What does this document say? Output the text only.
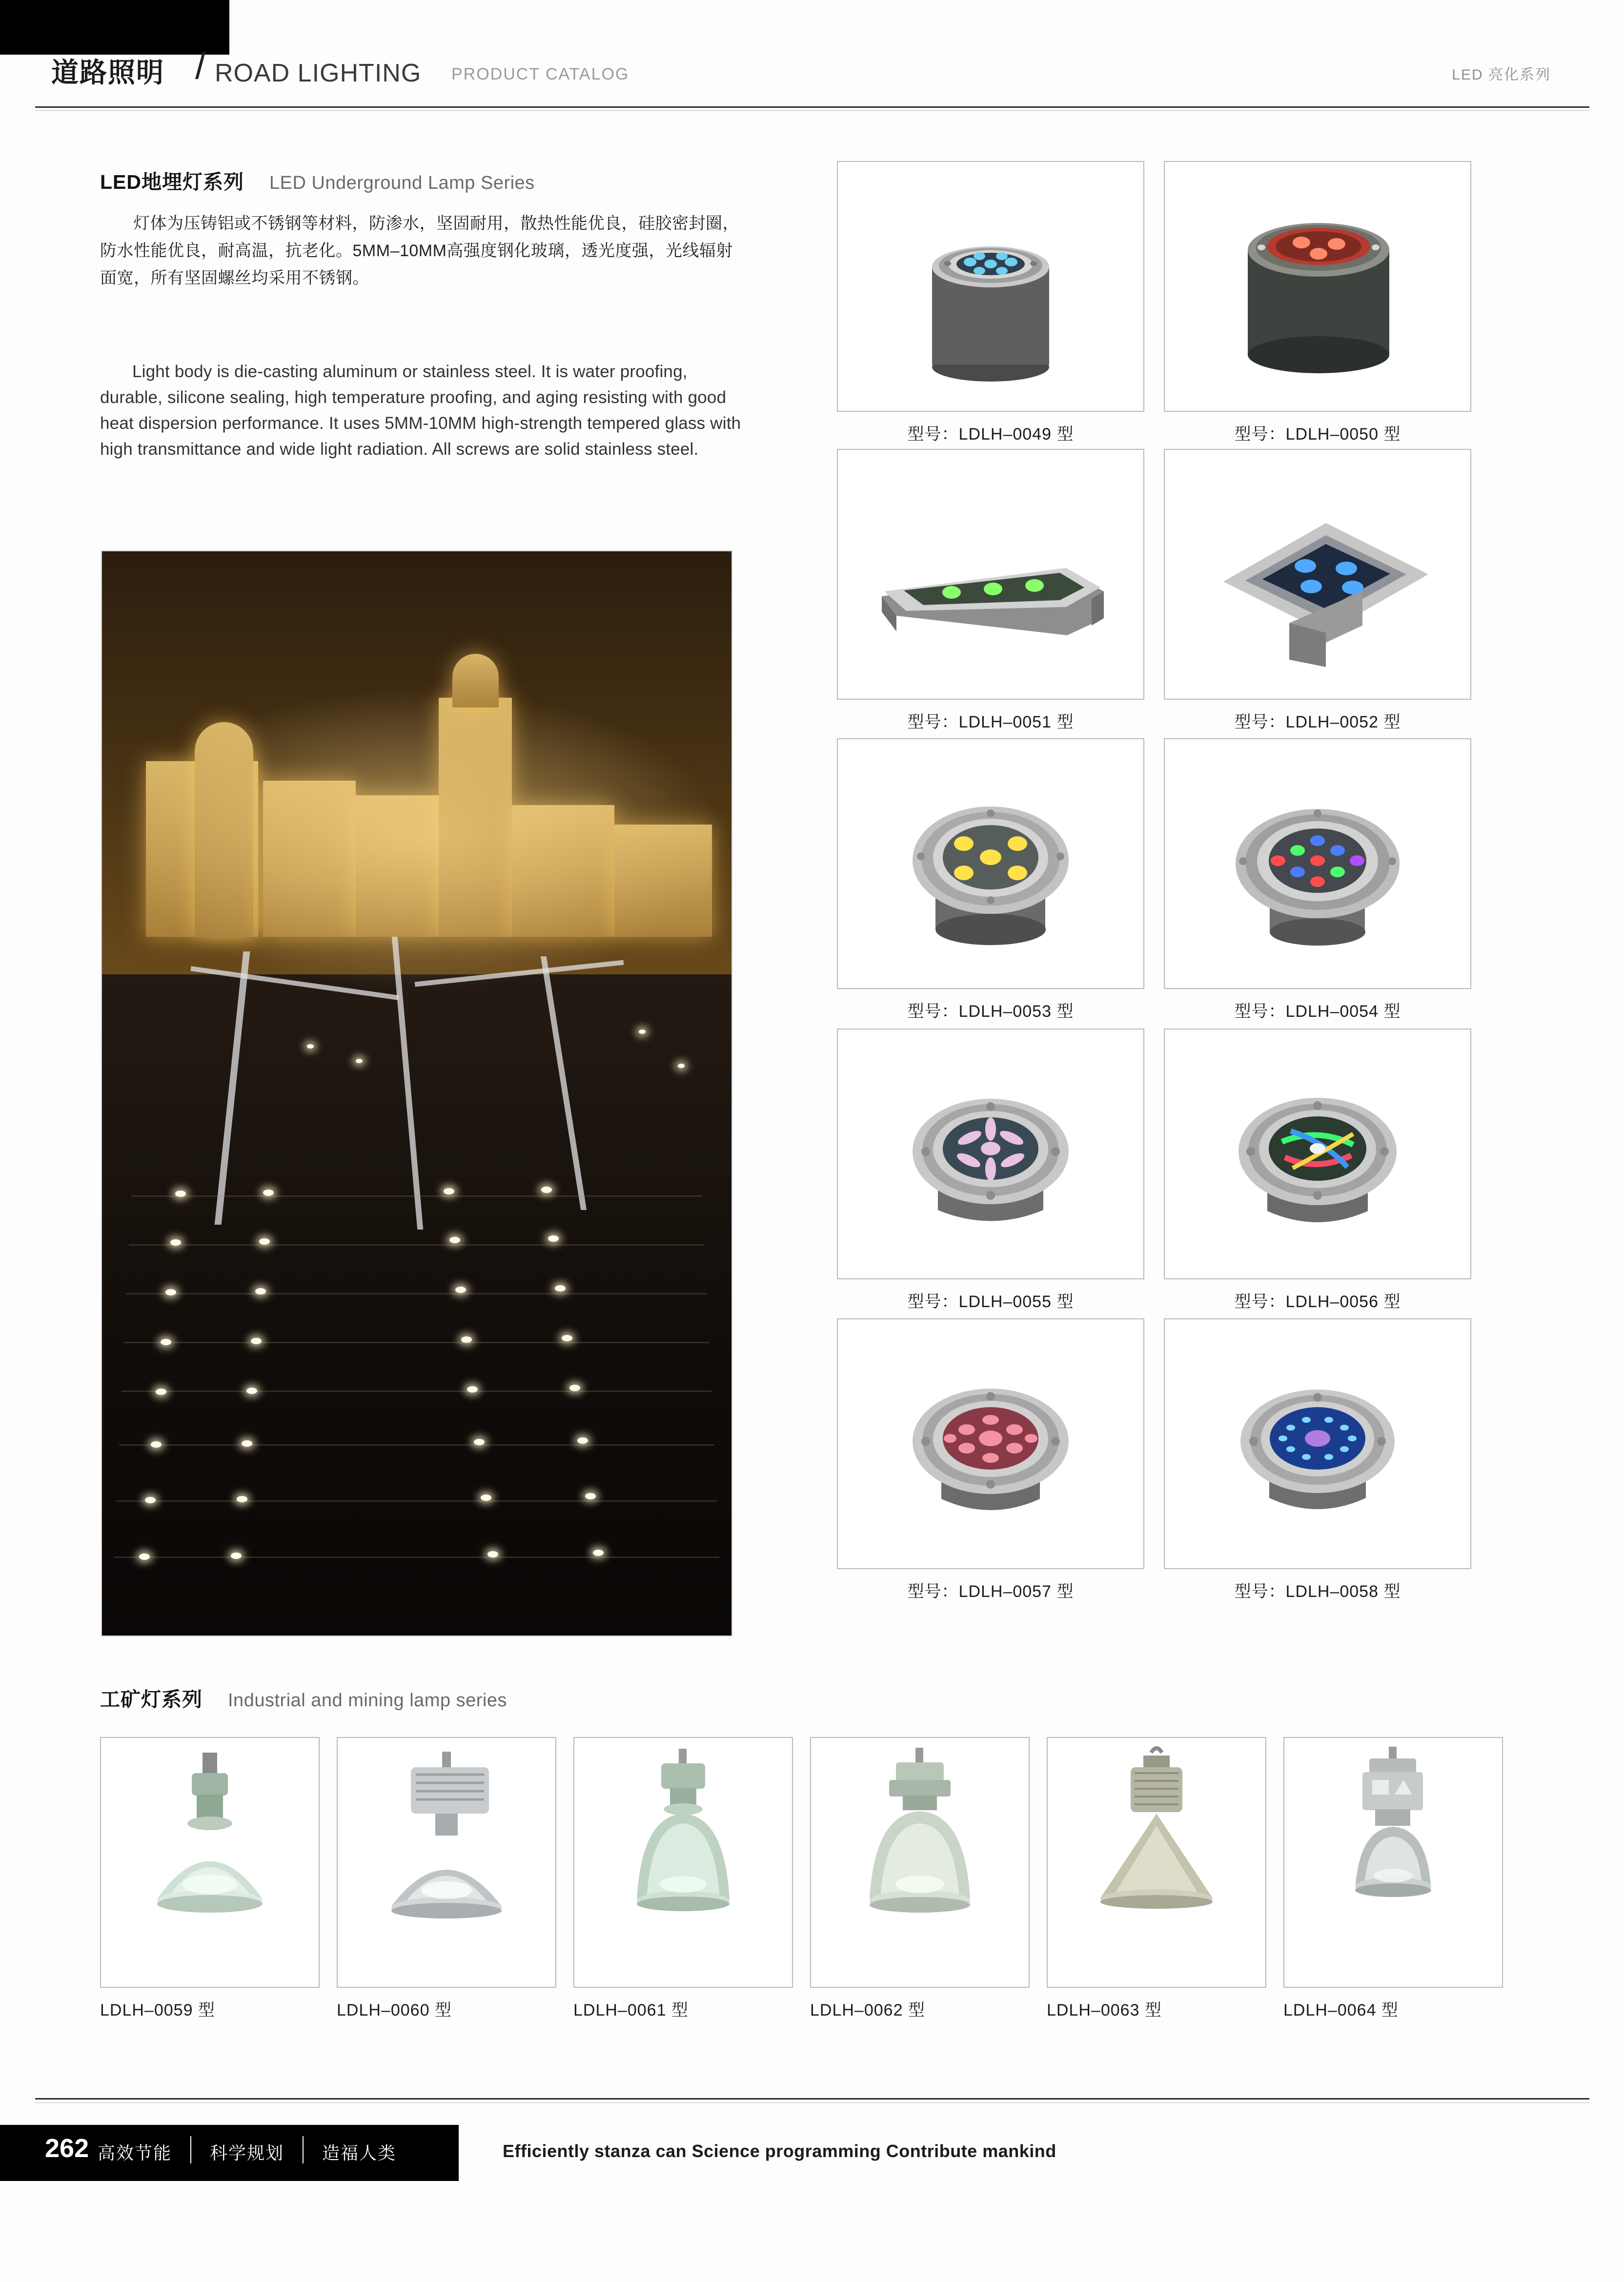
道路照明 / ROAD LIGHTING PRODUCT CATALOG	LED 亮化系列
LED地埋灯系列 LED Underground Lamp Series
灯体为压铸铝或不锈钢等材料，防渗水，坚固耐用，散热性能优良，硅胶密封圈，防水性能优良，耐高温，抗老化。5MM–10MM高强度钢化玻璃，透光度强，光线辐射面宽，所有坚固螺丝均采用不锈钢。
Light body is die-casting aluminum or stainless steel. It is water proofing, durable, silicone sealing, high temperature proofing, and aging resisting with good heat dispersion performance. It uses 5MM-10MM high-strength tempered glass with high transmittance and wide light radiation. All screws are solid stainless steel.
型号：LDLH–0049 型	型号：LDLH–0050 型
型号：LDLH–0051 型	型号：LDLH–0052 型
型号：LDLH–0053 型	型号：LDLH–0054 型
型号：LDLH–0055 型	型号：LDLH–0056 型
型号：LDLH–0057 型	型号：LDLH–0058 型
工矿灯系列 Industrial and mining lamp series
LDLH–0059 型	LDLH–0060 型	LDLH–0061 型	LDLH–0062 型	LDLH–0063 型	LDLH–0064 型
262 高效节能 科学规划 造福人类	Efficiently stanza can Science programming Contribute mankind
